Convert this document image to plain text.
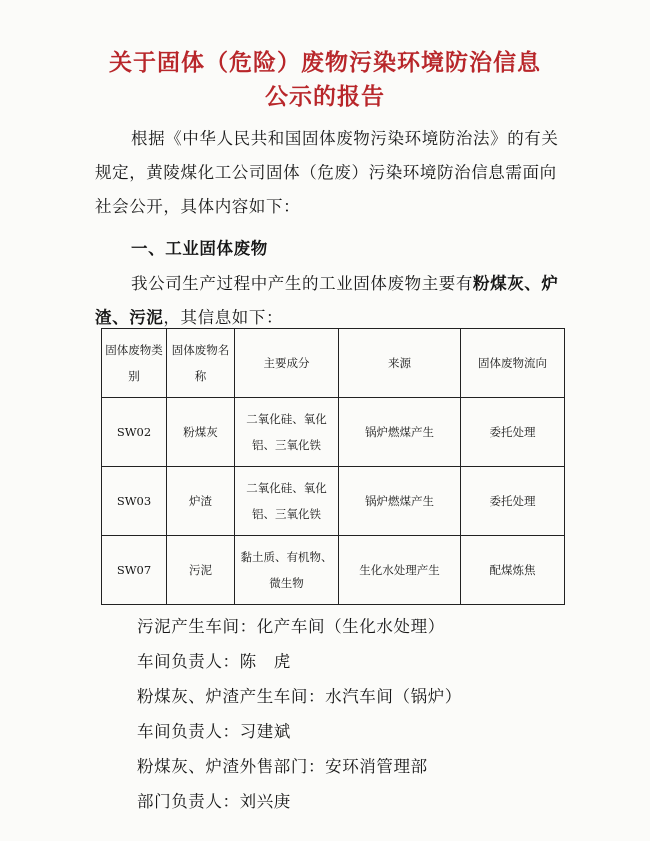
关于固体（危险）废物污染环境防治信息
公示的报告
根据《中华人民共和国固体废物污染环境防治法》的有关规定，黄陵煤化工公司固体（危废）污染环境防治信息需面向社会公开，具体内容如下：
一、工业固体废物
我公司生产过程中产生的工业固体废物主要有粉煤灰、炉渣、污泥，其信息如下：
固体废物类别	固体废物名称	主要成分	来源	固体废物流向
SW02	粉煤灰	二氧化硅、氧化铝、三氧化铁	锅炉燃煤产生	委托处理
SW03	炉渣	二氧化硅、氧化铝、三氧化铁	锅炉燃煤产生	委托处理
SW07	污泥	黏土质、有机物、微生物	生化水处理产生	配煤炼焦
污泥产生车间：化产车间（生化水处理）
车间负责人：陈　虎
粉煤灰、炉渣产生车间：水汽车间（锅炉）
车间负责人：习建斌
粉煤灰、炉渣外售部门：安环消管理部
部门负责人：刘兴庚
